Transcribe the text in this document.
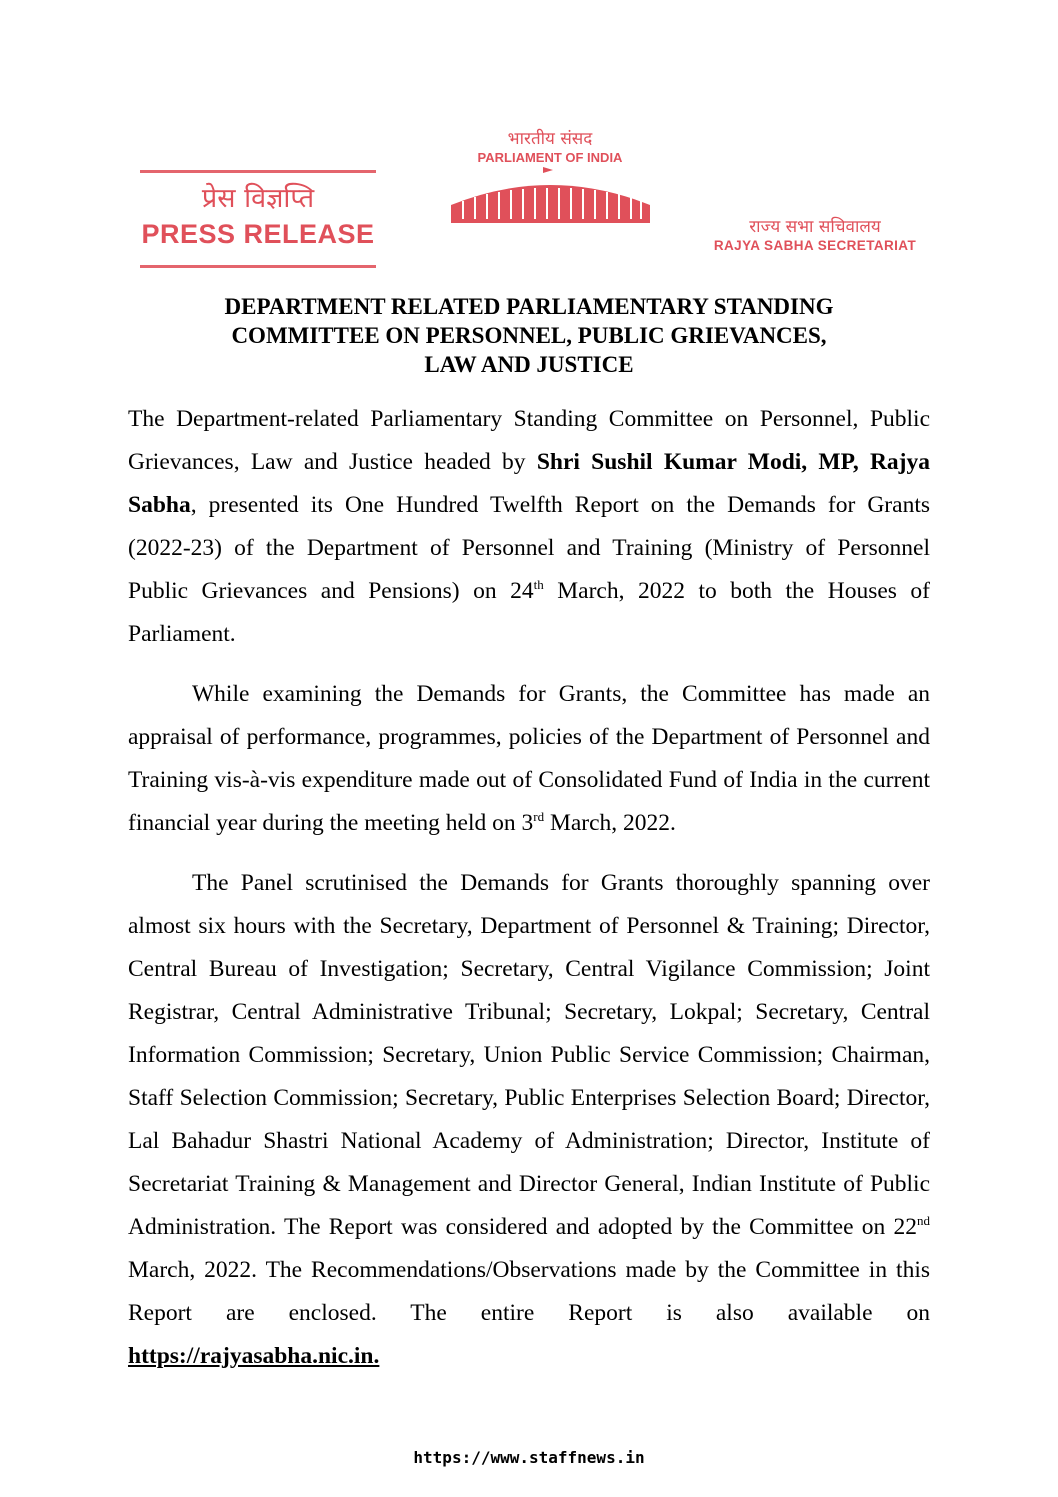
प्रेस विज्ञप्ति
PRESS RELEASE
भारतीय संसद
PARLIAMENT OF INDIA
राज्य सभा सचिवालय
RAJYA SABHA SECRETARIAT
DEPARTMENT RELATED PARLIAMENTARY STANDING
COMMITTEE ON PERSONNEL, PUBLIC GRIEVANCES,
LAW AND JUSTICE

The Department-related Parliamentary Standing Committee on Personnel, Public Grievances, Law and Justice headed by Shri Sushil Kumar Modi, MP, Rajya Sabha, presented its One Hundred Twelfth Report on the Demands for Grants (2022-23) of the Department of Personnel and Training (Ministry of Personnel Public Grievances and Pensions) on 24th March, 2022 to both the Houses of Parliament.

While examining the Demands for Grants, the Committee has made an appraisal of performance, programmes, policies of the Department of Personnel and Training vis-à-vis expenditure made out of Consolidated Fund of India in the current financial year during the meeting held on 3rd March, 2022.

The Panel scrutinised the Demands for Grants thoroughly spanning over almost six hours with the Secretary, Department of Personnel & Training; Director, Central Bureau of Investigation; Secretary, Central Vigilance Commission; Joint Registrar, Central Administrative Tribunal; Secretary, Lokpal; Secretary, Central Information Commission; Secretary, Union Public Service Commission; Chairman, Staff Selection Commission; Secretary, Public Enterprises Selection Board; Director, Lal Bahadur Shastri National Academy of Administration; Director, Institute of Secretariat Training & Management and Director General, Indian Institute of Public Administration. The Report was considered and adopted by the Committee on 22nd March, 2022. The Recommendations/Observations made by the Committee in this Report are enclosed. The entire Report is also available on https://rajyasabha.nic.in.

https://www.staffnews.in
